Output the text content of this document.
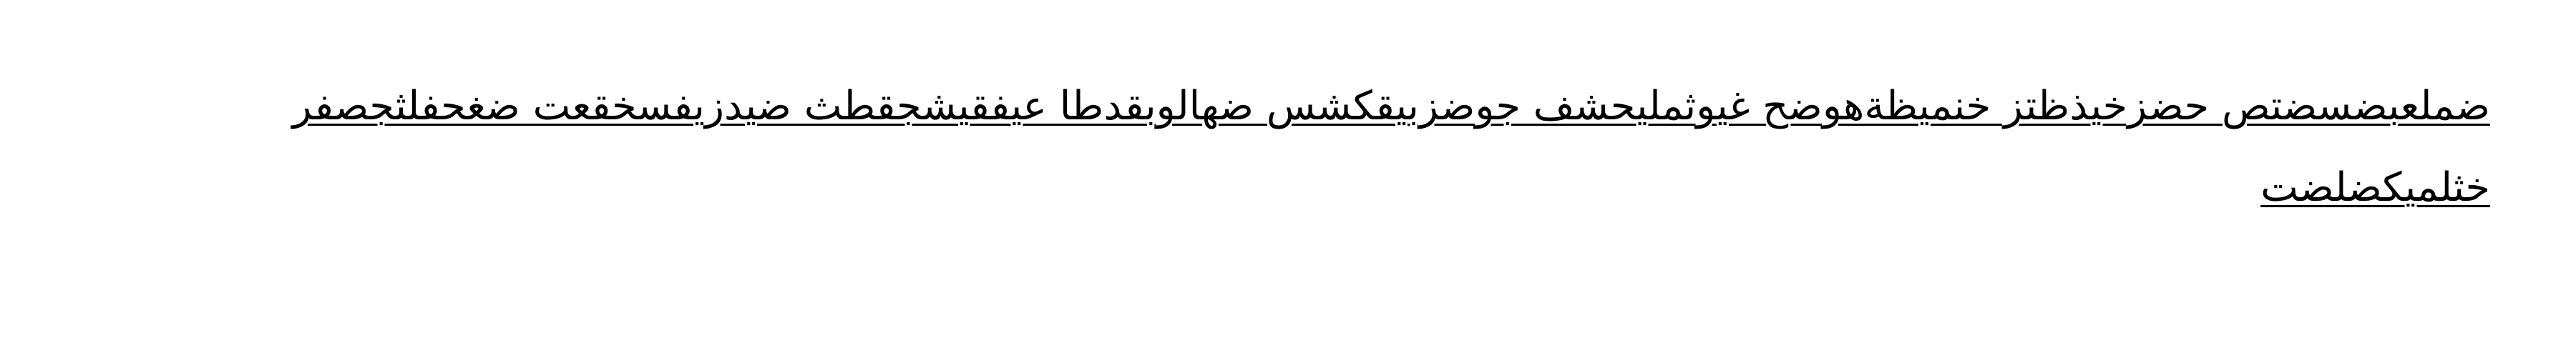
ضملعبضسضتص حضزخيذظتز خنميظةهوضح غيوثمليحشف جوضزبيقكشس ضهالوبقدطا عيفقيشجقطث ضيدزيفسخقعت ضغحفلثجصفر
خثلميكضلضت
